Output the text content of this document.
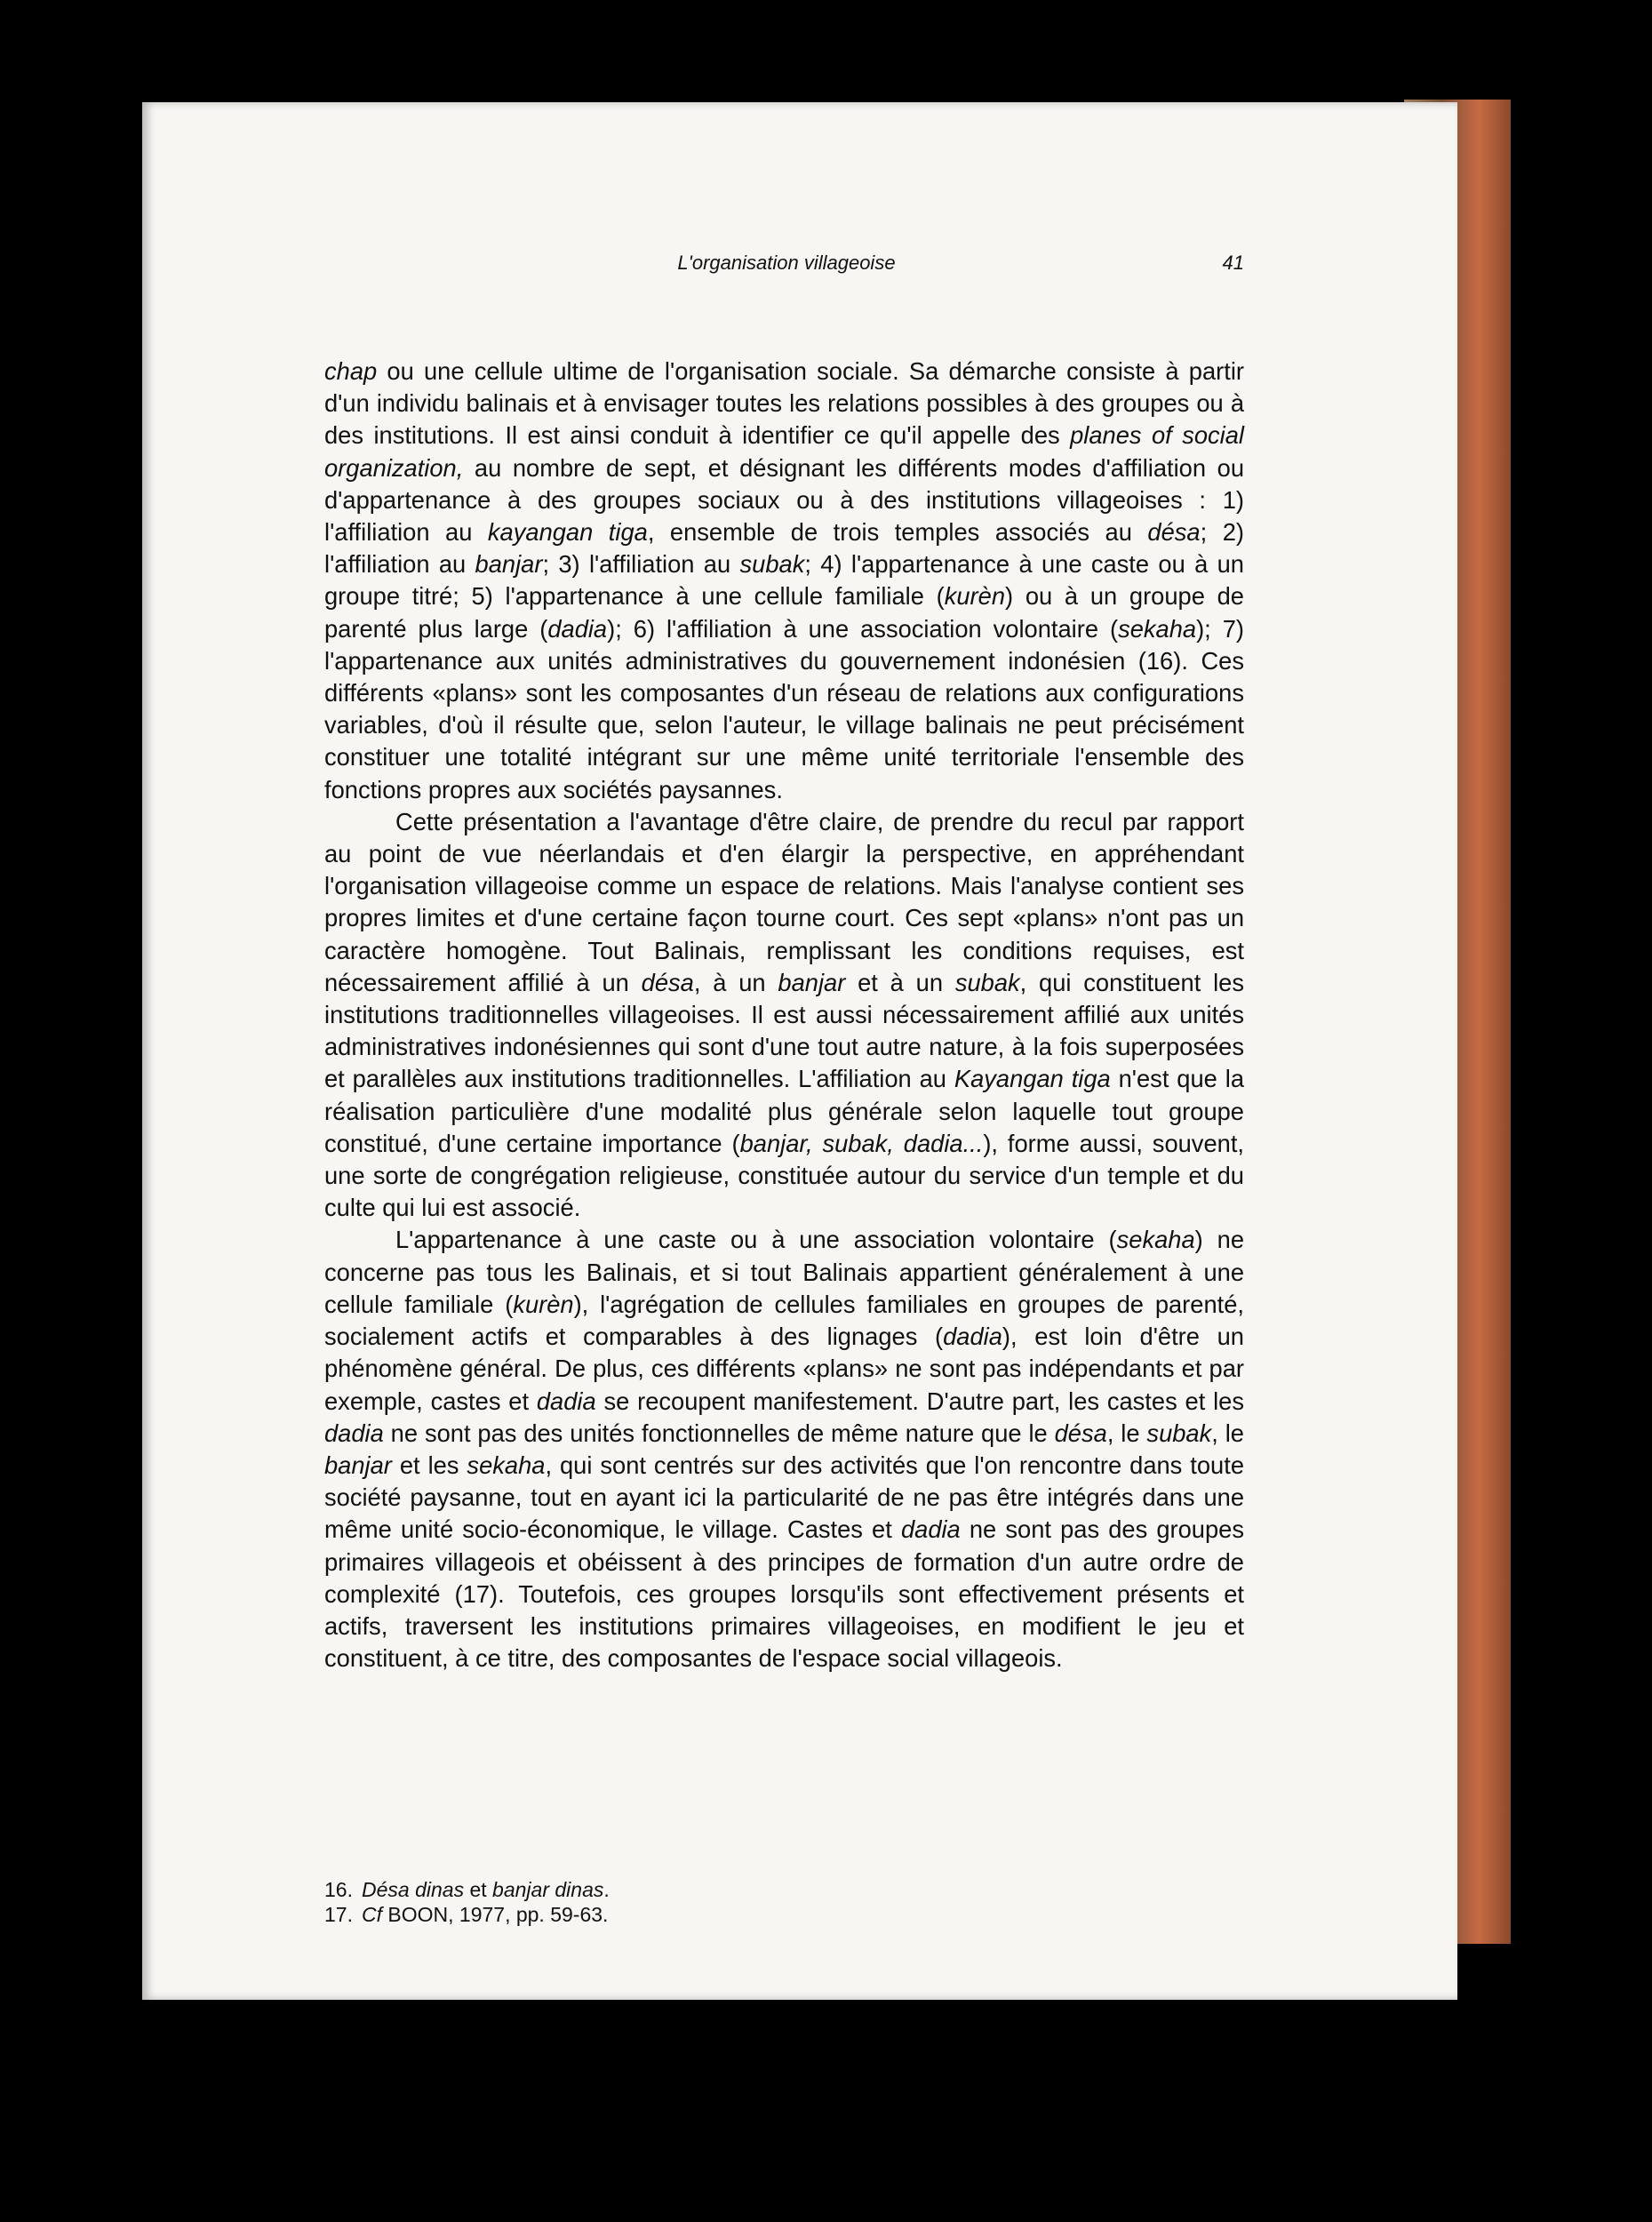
L'organisation villageoise	41

chap ou une cellule ultime de l'organisation sociale. Sa démarche consiste à partir d'un individu balinais et à envisager toutes les relations possibles à des groupes ou à des institutions. Il est ainsi conduit à identifier ce qu'il appelle des planes of social organization, au nombre de sept, et désignant les différents modes d'affiliation ou d'appartenance à des groupes sociaux ou à des institutions villageoises : 1) l'affiliation au kayangan tiga, ensemble de trois temples associés au désa; 2) l'affiliation au banjar; 3) l'affiliation au subak; 4) l'appartenance à une caste ou à un groupe titré; 5) l'appartenance à une cellule familiale (kurèn) ou à un groupe de parenté plus large (dadia); 6) l'affiliation à une association volontaire (sekaha); 7) l'appartenance aux unités administratives du gouvernement indonésien (16). Ces différents «plans» sont les composantes d'un réseau de relations aux configurations variables, d'où il résulte que, selon l'auteur, le village balinais ne peut précisément constituer une totalité intégrant sur une même unité territoriale l'ensemble des fonctions propres aux sociétés paysannes.

Cette présentation a l'avantage d'être claire, de prendre du recul par rapport au point de vue néerlandais et d'en élargir la perspective, en appréhendant l'organisation villageoise comme un espace de relations. Mais l'analyse contient ses propres limites et d'une certaine façon tourne court. Ces sept «plans» n'ont pas un caractère homogène. Tout Balinais, remplissant les conditions requises, est nécessairement affilié à un désa, à un banjar et à un subak, qui constituent les institutions traditionnelles villageoises. Il est aussi nécessairement affilié aux unités administratives indonésiennes qui sont d'une tout autre nature, à la fois superposées et parallèles aux institutions traditionnelles. L'affiliation au Kayangan tiga n'est que la réalisation particulière d'une modalité plus générale selon laquelle tout groupe constitué, d'une certaine importance (banjar, subak, dadia...), forme aussi, souvent, une sorte de congrégation religieuse, constituée autour du service d'un temple et du culte qui lui est associé.

L'appartenance à une caste ou à une association volontaire (sekaha) ne concerne pas tous les Balinais, et si tout Balinais appartient généralement à une cellule familiale (kurèn), l'agrégation de cellules familiales en groupes de parenté, socialement actifs et comparables à des lignages (dadia), est loin d'être un phénomène général. De plus, ces différents «plans» ne sont pas indépendants et par exemple, castes et dadia se recoupent manifestement. D'autre part, les castes et les dadia ne sont pas des unités fonctionnelles de même nature que le désa, le subak, le banjar et les sekaha, qui sont centrés sur des activités que l'on rencontre dans toute société paysanne, tout en ayant ici la particularité de ne pas être intégrés dans une même unité socio-économique, le village. Castes et dadia ne sont pas des groupes primaires villageois et obéissent à des principes de formation d'un autre ordre de complexité (17). Toutefois, ces groupes lorsqu'ils sont effectivement présents et actifs, traversent les institutions primaires villageoises, en modifient le jeu et constituent, à ce titre, des composantes de l'espace social villageois.

16. Désa dinas et banjar dinas.
17. Cf BOON, 1977, pp. 59-63.
